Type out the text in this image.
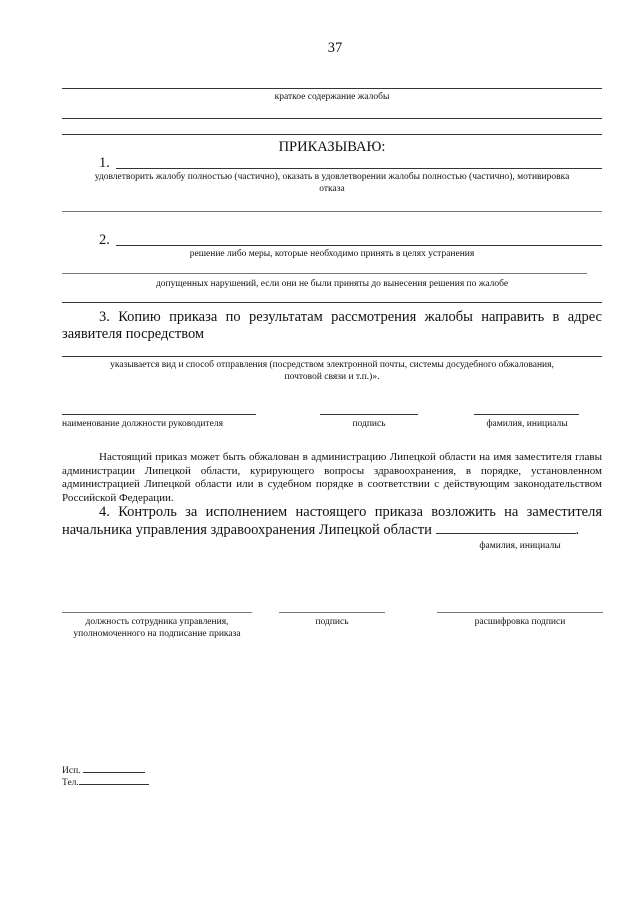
37
краткое содержание жалобы
ПРИКАЗЫВАЮ:
1.
удовлетворить жалобу полностью (частично), оказать в удовлетворении жалобы полностью (частично), мотивировка
отказа
2.
решение либо меры, которые необходимо принять в целях устранения
допущенных нарушений, если они не были приняты до вынесения решения по жалобе
3. Копию приказа по результатам рассмотрения жалобы направить в адрес
заявителя посредством
указывается вид и способ отправления (посредством электронной почты, системы досудебного обжалования,
почтовой связи и т.п.)».
наименование должности руководителя	подпись	фамилия, инициалы
Настоящий приказ может быть обжалован в администрацию Липецкой области на имя заместителя главы администрации Липецкой области, курирующего вопросы здравоохранения, в порядке, установленном администрацией Липецкой области или в судебном порядке в соответствии с действующим законодательством Российской Федерации.
4. Контроль за исполнением настоящего приказа возложить на заместителя
начальника управления здравоохранения Липецкой области	.
фамилия, инициалы
должность сотрудника управления,
уполномоченного на подписание приказа
подпись	расшифровка подписи
Исп.
Тел.
